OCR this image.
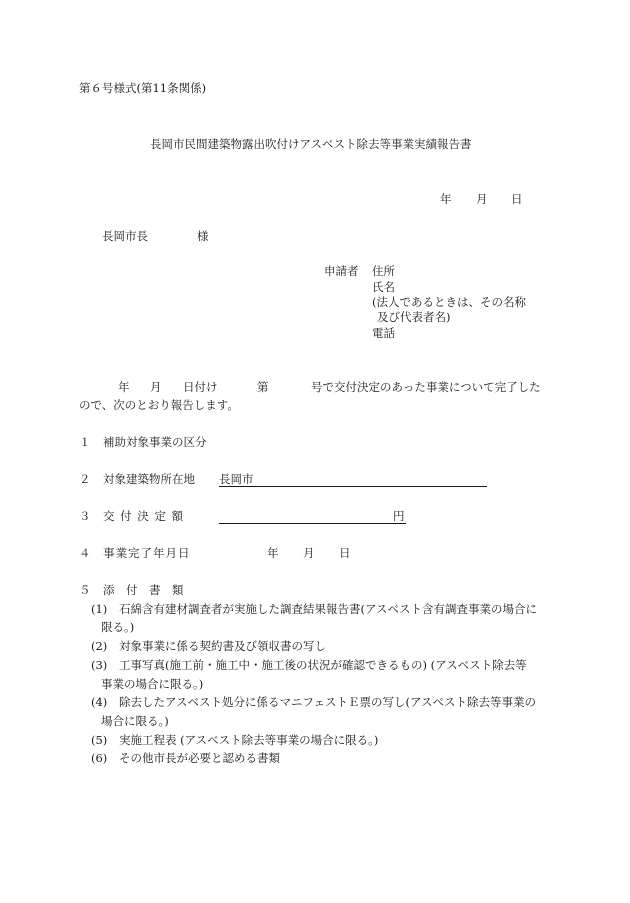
第６号様式(第11条関係)
長岡市民間建築物露出吹付けアスベスト除去等事業実績報告書
年 月 日
長岡市長	様
申請者 住所
氏名
(法人であるときは、その名称
及び代表者名)
電話
年 月 日付け	第	号で交付決定のあった事業について完了した
ので、次のとおり報告します。
１ 補助対象事業の区分
２ 対象建築物所在地 長岡市
３ 交 付 決 定 額	円
４ 事業完了年月日	年 月 日
５ 添　付　書　類
(1) 石綿含有建材調査者が実施した調査結果報告書(アスベスト含有調査事業の場合に
限る。)
(2) 対象事業に係る契約書及び領収書の写し
(3) 工事写真(施工前・施工中・施工後の状況が確認できるもの) (アスベスト除去等
事業の場合に限る。)
(4) 除去したアスベスト処分に係るマニフェストＥ票の写し(アスベスト除去等事業の
場合に限る。)
(5) 実施工程表 (アスベスト除去等事業の場合に限る。)
(6) その他市長が必要と認める書類
